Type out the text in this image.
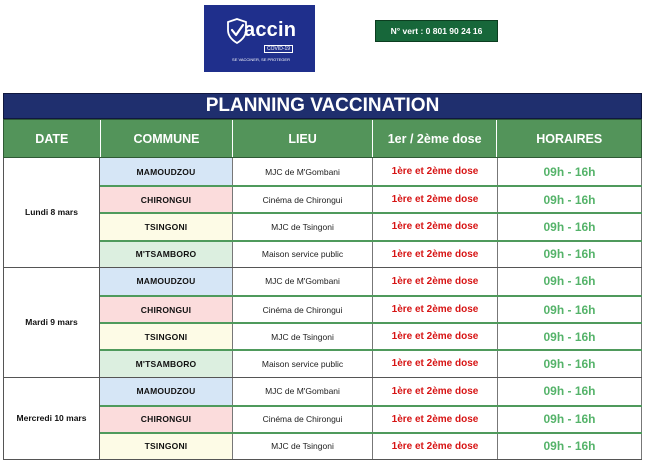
accin
COVID-19
SE VACCINER, SE PROTEGER
N° vert : 0 801 90 24 16
PLANNING VACCINATION
DATE	COMMUNE	LIEU	1er / 2ème dose	HORAIRES
Lundi 8 mars
MAMOUDZOU	MJC de M'Gombani	1ère et 2ème dose	09h - 16h
CHIRONGUI	Cinéma de Chirongui	1ère et 2ème dose	09h - 16h
TSINGONI	MJC de Tsingoni	1ère et 2ème dose	09h - 16h
M'TSAMBORO	Maison service public	1ère et 2ème dose	09h - 16h
Mardi 9 mars
MAMOUDZOU	MJC de M'Gombani	1ère et 2ème dose	09h - 16h
CHIRONGUI	Cinéma de Chirongui	1ère et 2ème dose	09h - 16h
TSINGONI	MJC de Tsingoni	1ère et 2ème dose	09h - 16h
M'TSAMBORO	Maison service public	1ère et 2ème dose	09h - 16h
Mercredi 10 mars
MAMOUDZOU	MJC de M'Gombani	1ère et 2ème dose	09h - 16h
CHIRONGUI	Cinéma de Chirongui	1ère et 2ème dose	09h - 16h
TSINGONI	MJC de Tsingoni	1ère et 2ème dose	09h - 16h
